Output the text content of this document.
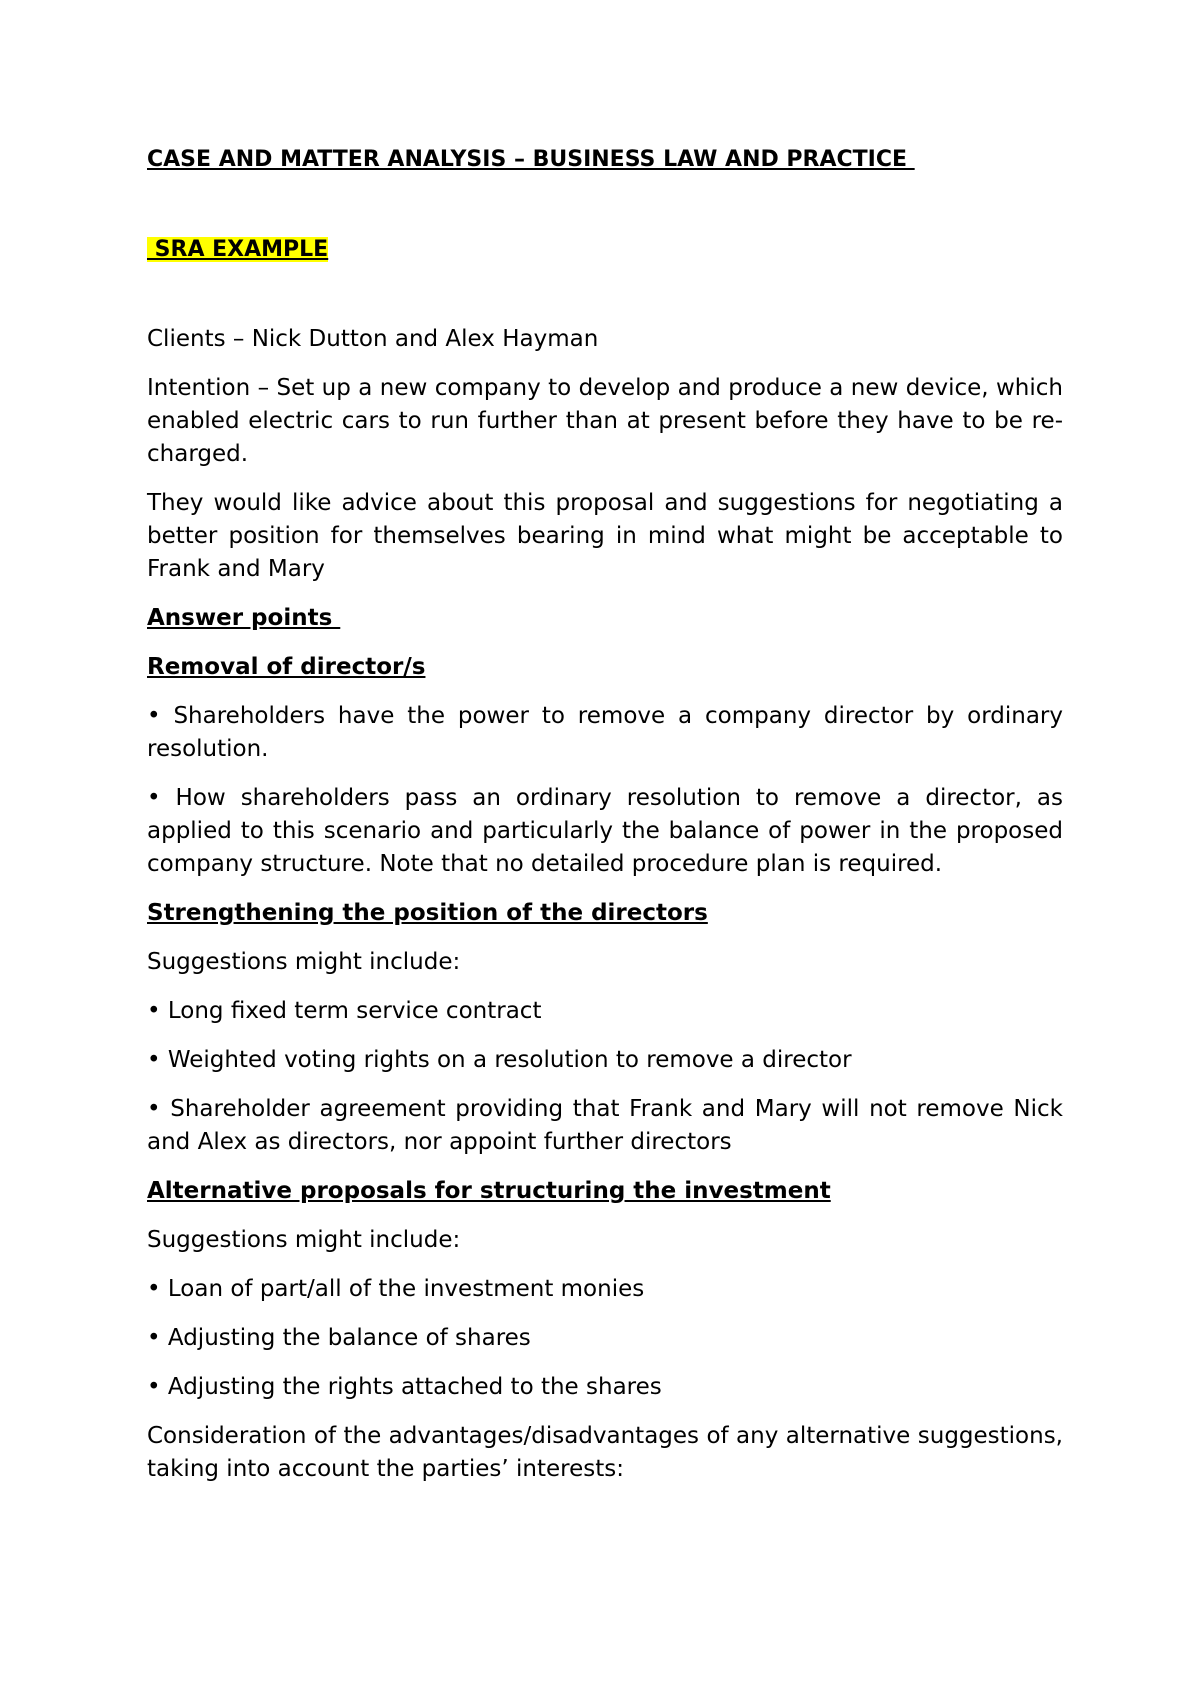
CASE AND MATTER ANALYSIS – BUSINESS LAW AND PRACTICE
SRA EXAMPLE

Clients – Nick Dutton and Alex Hayman

Intention – Set up a new company to develop and produce a new device, which enabled electric cars to run further than at present before they have to be re-charged.

They would like advice about this proposal and suggestions for negotiating a better position for themselves bearing in mind what might be acceptable to Frank and Mary

Answer points
Removal of director/s

• Shareholders have the power to remove a company director by ordinary resolution.

• How shareholders pass an ordinary resolution to remove a director, as applied to this scenario and particularly the balance of power in the proposed company structure. Note that no detailed procedure plan is required.

Strengthening the position of the directors

Suggestions might include:

• Long fixed term service contract

• Weighted voting rights on a resolution to remove a director

• Shareholder agreement providing that Frank and Mary will not remove Nick and Alex as directors, nor appoint further directors

Alternative proposals for structuring the investment

Suggestions might include:

• Loan of part/all of the investment monies

• Adjusting the balance of shares

• Adjusting the rights attached to the shares

Consideration of the advantages/disadvantages of any alternative suggestions, taking into account the parties’ interests:
